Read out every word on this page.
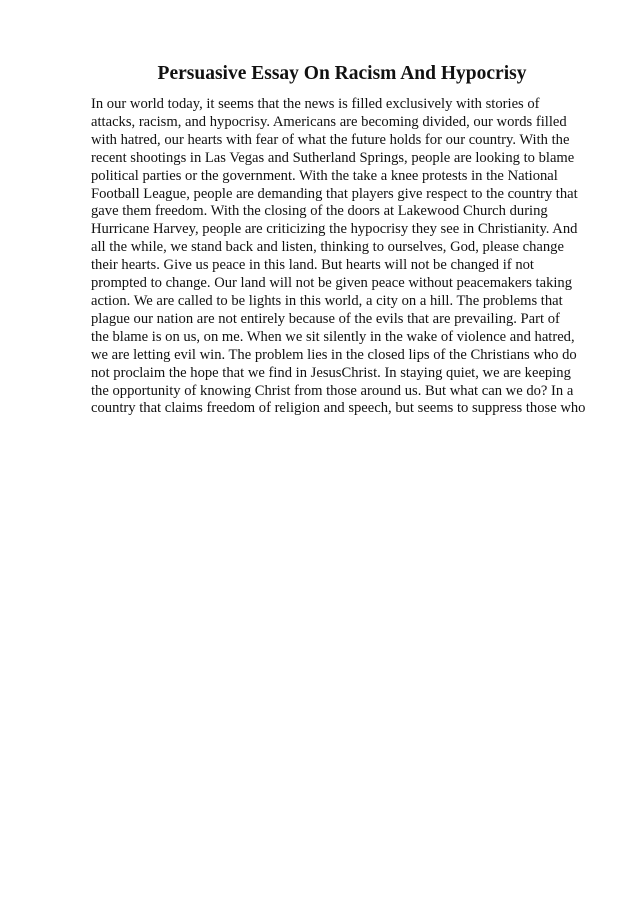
Persuasive Essay On Racism And Hypocrisy
In our world today, it seems that the news is filled exclusively with stories of
attacks, racism, and hypocrisy. Americans are becoming divided, our words filled
with hatred, our hearts with fear of what the future holds for our country. With the
recent shootings in Las Vegas and Sutherland Springs, people are looking to blame
political parties or the government. With the take a knee protests in the National
Football League, people are demanding that players give respect to the country that
gave them freedom. With the closing of the doors at Lakewood Church during
Hurricane Harvey, people are criticizing the hypocrisy they see in Christianity. And
all the while, we stand back and listen, thinking to ourselves, God, please change
their hearts. Give us peace in this land. But hearts will not be changed if not
prompted to change. Our land will not be given peace without peacemakers taking
action. We are called to be lights in this world, a city on a hill. The problems that
plague our nation are not entirely because of the evils that are prevailing. Part of
the blame is on us, on me. When we sit silently in the wake of violence and hatred,
we are letting evil win. The problem lies in the closed lips of the Christians who do
not proclaim the hope that we find in JesusChrist. In staying quiet, we are keeping
the opportunity of knowing Christ from those around us. But what can we do? In a
country that claims freedom of religion and speech, but seems to suppress those who
